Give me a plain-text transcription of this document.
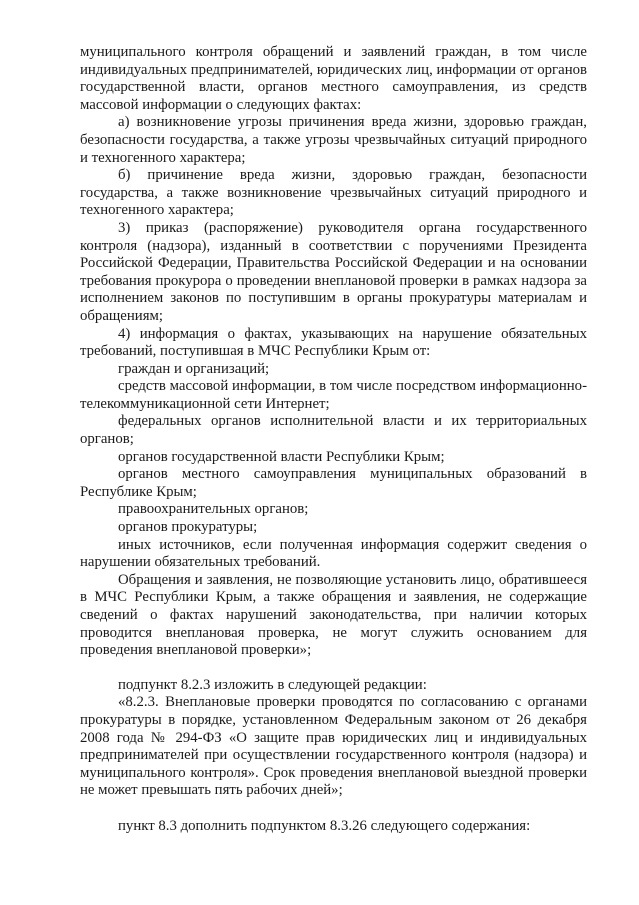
муниципального контроля обращений и заявлений граждан, в том числе индивидуальных предпринимателей, юридических лиц, информации от органов государственной власти, органов местного самоуправления, из средств массовой информации о следующих фактах:

а) возникновение угрозы причинения вреда жизни, здоровью граждан, безопасности государства, а также угрозы чрезвычайных ситуаций природного и техногенного характера;

б) причинение вреда жизни, здоровью граждан, безопасности государства, а также возникновение чрезвычайных ситуаций природного и техногенного характера;

3) приказ (распоряжение) руководителя органа государственного контроля (надзора), изданный в соответствии с поручениями Президента Российской Федерации, Правительства Российской Федерации и на основании требования прокурора о проведении внеплановой проверки в рамках надзора за исполнением законов по поступившим в органы прокуратуры материалам и обращениям;

4) информация о фактах, указывающих на нарушение обязательных требований, поступившая в МЧС Республики Крым от:

граждан и организаций;

средств массовой информации, в том числе посредством информационно-телекоммуникационной сети Интернет;

федеральных органов исполнительной власти и их территориальных органов;

органов государственной власти Республики Крым;

органов местного самоуправления муниципальных образований в Республике Крым;

правоохранительных органов;

органов прокуратуры;

иных источников, если полученная информация содержит сведения о нарушении обязательных требований.

Обращения и заявления, не позволяющие установить лицо, обратившееся в МЧС Республики Крым, а также обращения и заявления, не содержащие сведений о фактах нарушений законодательства, при наличии которых проводится внеплановая проверка, не могут служить основанием для проведения внеплановой проверки»;

подпункт 8.2.3 изложить в следующей редакции:

«8.2.3. Внеплановые проверки проводятся по согласованию с органами прокуратуры в порядке, установленном Федеральным законом от 26 декабря 2008 года № 294-ФЗ «О защите прав юридических лиц и индивидуальных предпринимателей при осуществлении государственного контроля (надзора) и муниципального контроля». Срок проведения внеплановой выездной проверки не может превышать пять рабочих дней»;

пункт 8.3 дополнить подпунктом 8.3.26 следующего содержания:
